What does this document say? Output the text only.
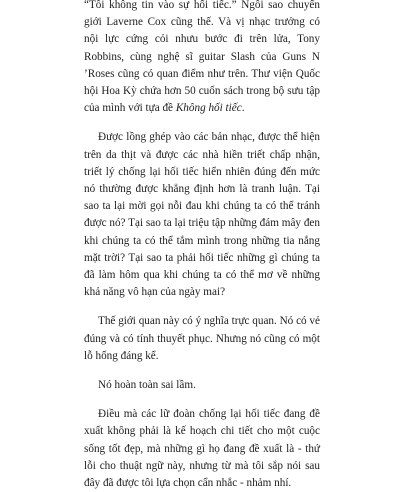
“Tôi không tin vào sự hối tiếc.” Ngôi sao chuyển giới Laverne Cox cũng thế. Và vị nhạc trưởng có nội lực cứng cỏi nhưu bước đi trên lửa, Tony Robbins, cùng nghệ sĩ guitar Slash của Guns N ’Roses cũng có quan điểm như trên. Thư viện Quốc hội Hoa Kỳ chứa hơn 50 cuốn sách trong bộ sưu tập của mình với tựa đề Không hối tiếc.

Được lồng ghép vào các bản nhạc, được thể hiện trên da thịt và được các nhà hiền triết chấp nhận, triết lý chống lại hối tiếc hiển nhiên đúng đến mức nó thường được khẳng định hơn là tranh luận. Tại sao ta lại mời gọi nỗi đau khi chúng ta có thể tránh được nó? Tại sao ta lại triệu tập những đám mây đen khi chúng ta có thể tắm mình trong những tia nắng mặt trời? Tại sao ta phải hối tiếc những gì chúng ta đã làm hôm qua khi chúng ta có thể mơ về những khả năng vô hạn của ngày mai?

Thế giới quan này có ý nghĩa trực quan. Nó có vẻ đúng và có tính thuyết phục. Nhưng nó cũng có một lỗ hổng đáng kể.

Nó hoàn toàn sai lầm.

Điều mà các lữ đoàn chống lại hối tiếc đang đề xuất không phải là kế hoạch chi tiết cho một cuộc sống tốt đẹp, mà những gì họ đang đề xuất là - thứ lỗi cho thuật ngữ này, nhưng từ mà tôi sắp nói sau đây đã được tôi lựa chọn cẩn nhắc - nhảm nhí.
